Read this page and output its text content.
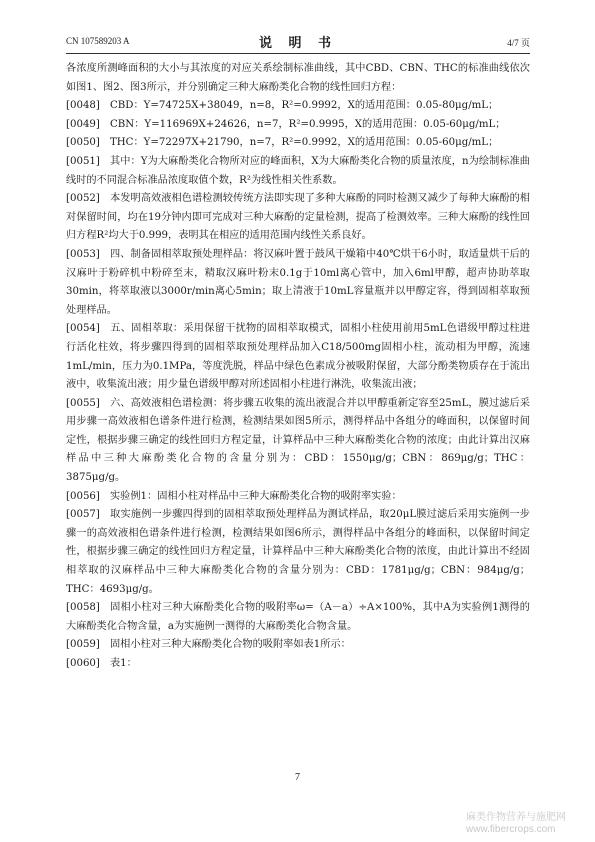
CN 107589203 A	说 明 书	4/7 页

各浓度所测峰面积的大小与其浓度的对应关系绘制标准曲线，其中CBD、CBN、THC的标准曲线依次如图1、图2、图3所示，并分别确定三种大麻酚类化合物的线性回归方程：

[0048] CBD：Y=74725X+38049，n=8，R²=0.9992，X的适用范围：0.05-80μg/mL；

[0049] CBN：Y=116969X+24626，n=7，R²=0.9995，X的适用范围：0.05-60μg/mL；

[0050] THC：Y=72297X+21790，n=7，R²=0.9992，X的适用范围：0.05-60μg/mL；

[0051] 其中：Y为大麻酚类化合物所对应的峰面积，X为大麻酚类化合物的质量浓度，n为绘制标准曲线时的不同混合标准品浓度取值个数，R²为线性相关性系数。

[0052] 本发明高效液相色谱检测较传统方法即实现了多种大麻酚的同时检测又减少了每种大麻酚的相对保留时间，均在19分钟内即可完成对三种大麻酚的定量检测，提高了检测效率。三种大麻酚的线性回归方程R²均大于0.999，表明其在相应的适用范围内线性关系良好。

[0053] 四、制备固相萃取预处理样品：将汉麻叶置于鼓风干燥箱中40℃烘干6小时，取适量烘干后的汉麻叶于粉碎机中粉碎至末，精取汉麻叶粉末0.1g于10ml离心管中，加入6ml甲醇，超声协助萃取30min，将萃取液以3000r/min离心5min；取上清液于10mL容量瓶并以甲醇定容，得到固相萃取预处理样品。

[0054] 五、固相萃取：采用保留干扰物的固相萃取模式，固相小柱使用前用5mL色谱级甲醇过柱进行活化柱效，将步骤四得到的固相萃取预处理样品加入C18/500mg固相小柱，流动相为甲醇，流速1mL/min，压力为0.1MPa，等度洗脱，样品中绿色色素成分被吸附保留，大部分酚类物质存在于流出液中，收集流出液；用少量色谱级甲醇对所述固相小柱进行淋洗，收集流出液；

[0055] 六、高效液相色谱检测：将步骤五收集的流出液混合并以甲醇重新定容至25mL，膜过滤后采用步骤一高效液相色谱条件进行检测，检测结果如图5所示，测得样品中各组分的峰面积，以保留时间定性，根据步骤三确定的线性回归方程定量，计算样品中三种大麻酚类化合物的浓度；由此计算出汉麻样品中三种大麻酚类化合物的含量分别为：CBD：1550μg/g；CBN：869μg/g；THC：3875μg/g。

[0056] 实验例1：固相小柱对样品中三种大麻酚类化合物的吸附率实验：

[0057] 取实施例一步骤四得到的固相萃取预处理样品为测试样品，取20μL膜过滤后采用实施例一步骤一的高效液相色谱条件进行检测，检测结果如图6所示，测得样品中各组分的峰面积，以保留时间定性，根据步骤三确定的线性回归方程定量，计算样品中三种大麻酚类化合物的浓度，由此计算出不经固相萃取的汉麻样品中三种大麻酚类化合物的含量分别为：CBD：1781μg/g；CBN：984μg/g；THC：4693μg/g。

[0058] 固相小柱对三种大麻酚类化合物的吸附率ω=（A－a）÷A×100%，其中A为实验例1测得的大麻酚类化合物含量，a为实施例一测得的大麻酚类化合物含量。

[0059] 固相小柱对三种大麻酚类化合物的吸附率如表1所示：

[0060] 表1：

7
麻类作物营养与施肥网
www.fibercrops.com
